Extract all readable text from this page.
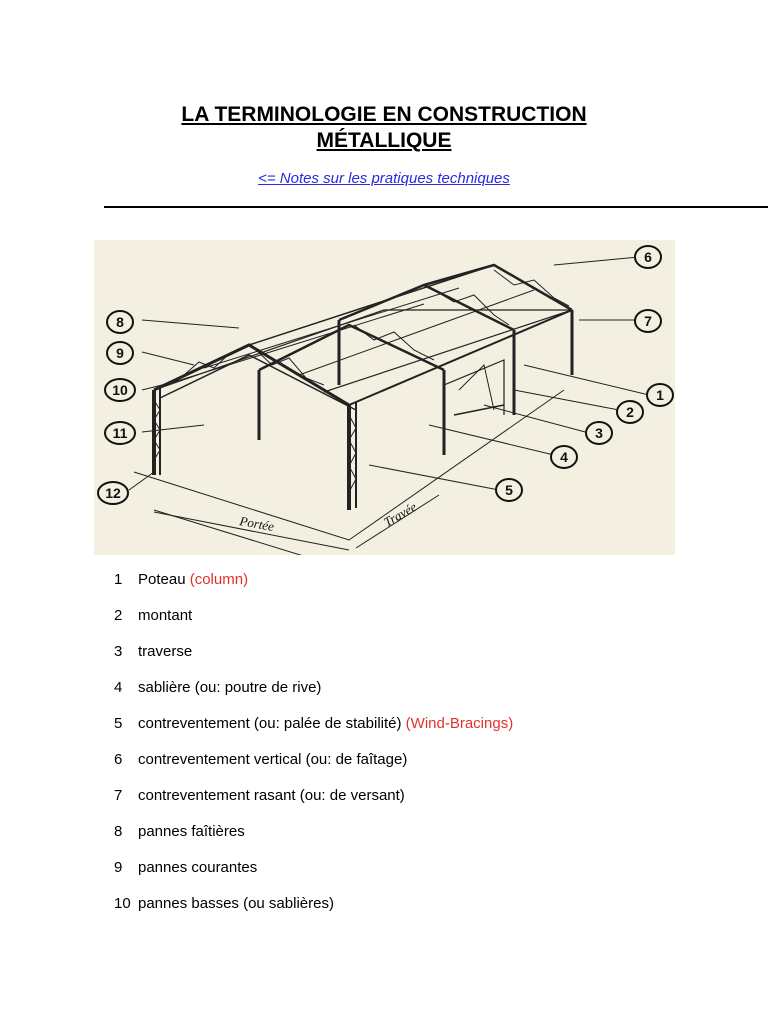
LA TERMINOLOGIE EN CONSTRUCTION
MÉTALLIQUE
<= Notes sur les pratiques techniques
8
9
10
11
12
6
7
1
2
3
4
5
Portée	Travée
1 Poteau (column)
2 montant
3 traverse
4 sablière (ou: poutre de rive)
5 contreventement (ou: palée de stabilité) (Wind-Bracings)
6 contreventement vertical (ou: de faîtage)
7 contreventement rasant (ou: de versant)
8 pannes faîtières
9 pannes courantes
10 pannes basses (ou sablières)
